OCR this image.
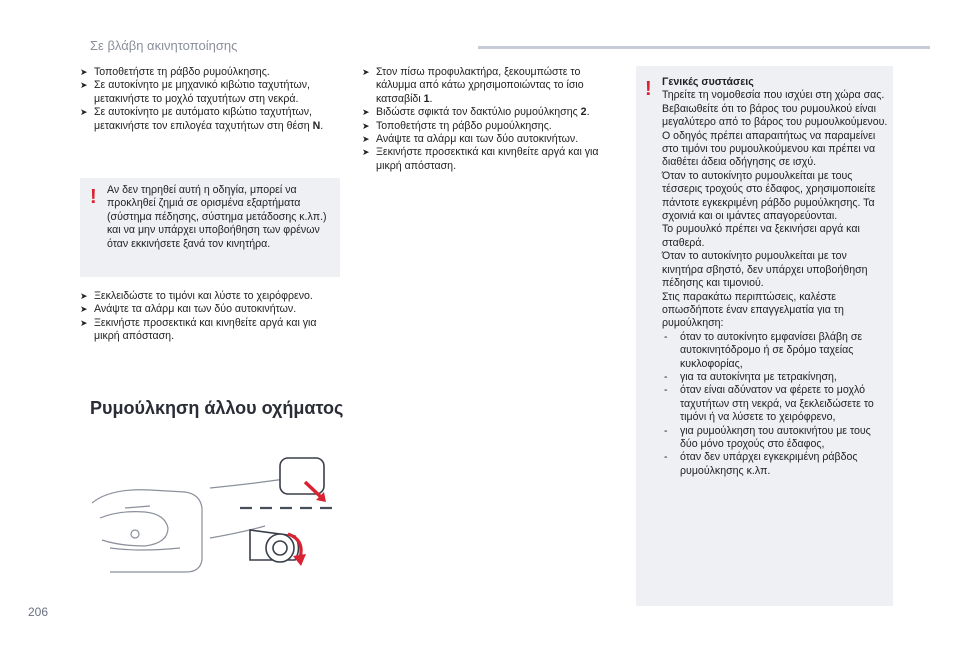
Σε βλάβη ακινητοποίησης
➤ Τοποθετήστε τη ράβδο ρυμούλκησης.
➤ Σε αυτοκίνητο με μηχανικό κιβώτιο ταχυτήτων, μετακινήστε το μοχλό ταχυτήτων στη νεκρά.
➤ Σε αυτοκίνητο με αυτόματο κιβώτιο ταχυτήτων, μετακινήστε τον επιλογέα ταχυτήτων στη θέση N.
! Αν δεν τηρηθεί αυτή η οδηγία, μπορεί να προκληθεί ζημιά σε ορισμένα εξαρτήματα (σύστημα πέδησης, σύστημα μετάδοσης κ.λπ.) και να μην υπάρχει υποβοήθηση των φρένων όταν εκκινήσετε ξανά τον κινητήρα.
➤ Ξεκλειδώστε το τιμόνι και λύστε το χειρόφρενο.
➤ Ανάψτε τα αλάρμ και των δύο αυτοκινήτων.
➤ Ξεκινήστε προσεκτικά και κινηθείτε αργά και για μικρή απόσταση.
Ρυμούλκηση άλλου οχήματος
➤ Στον πίσω προφυλακτήρα, ξεκουμπώστε το κάλυμμα από κάτω χρησιμοποιώντας το ίσιο κατσαβίδι 1.
➤ Βιδώστε σφικτά τον δακτύλιο ρυμούλκησης 2.
➤ Τοποθετήστε τη ράβδο ρυμούλκησης.
➤ Ανάψτε τα αλάρμ και των δύο αυτοκινήτων.
➤ Ξεκινήστε προσεκτικά και κινηθείτε αργά και για μικρή απόσταση.
! Γενικές συστάσεις

Τηρείτε τη νομοθεσία που ισχύει στη χώρα σας.

Βεβαιωθείτε ότι το βάρος του ρυμουλκού είναι μεγαλύτερο από το βάρος του ρυμουλκούμενου.

Ο οδηγός πρέπει απαραιτήτως να παραμείνει στο τιμόνι του ρυμουλκούμενου και πρέπει να διαθέτει άδεια οδήγησης σε ισχύ.

Όταν το αυτοκίνητο ρυμουλκείται με τους τέσσερις τροχούς στο έδαφος, χρησιμοποιείτε πάντοτε εγκεκριμένη ράβδο ρυμούλκησης. Τα σχοινιά και οι ιμάντες απαγορεύονται.

Το ρυμουλκό πρέπει να ξεκινήσει αργά και σταθερά.

Όταν το αυτοκίνητο ρυμουλκείται με τον κινητήρα σβηστό, δεν υπάρχει υποβοήθηση πέδησης και τιμονιού.

Στις παρακάτω περιπτώσεις, καλέστε οπωσδήποτε έναν επαγγελματία για τη ρυμούλκηση:

- όταν το αυτοκίνητο εμφανίσει βλάβη σε αυτοκινητόδρομο ή σε δρόμο ταχείας κυκλοφορίας,
- για τα αυτοκίνητα με τετρακίνηση,
- όταν είναι αδύνατον να φέρετε το μοχλό ταχυτήτων στη νεκρά, να ξεκλειδώσετε το τιμόνι ή να λύσετε το χειρόφρενο,
- για ρυμούλκηση του αυτοκινήτου με τους δύο μόνο τροχούς στο έδαφος,
- όταν δεν υπάρχει εγκεκριμένη ράβδος ρυμούλκησης κ.λπ.
206
